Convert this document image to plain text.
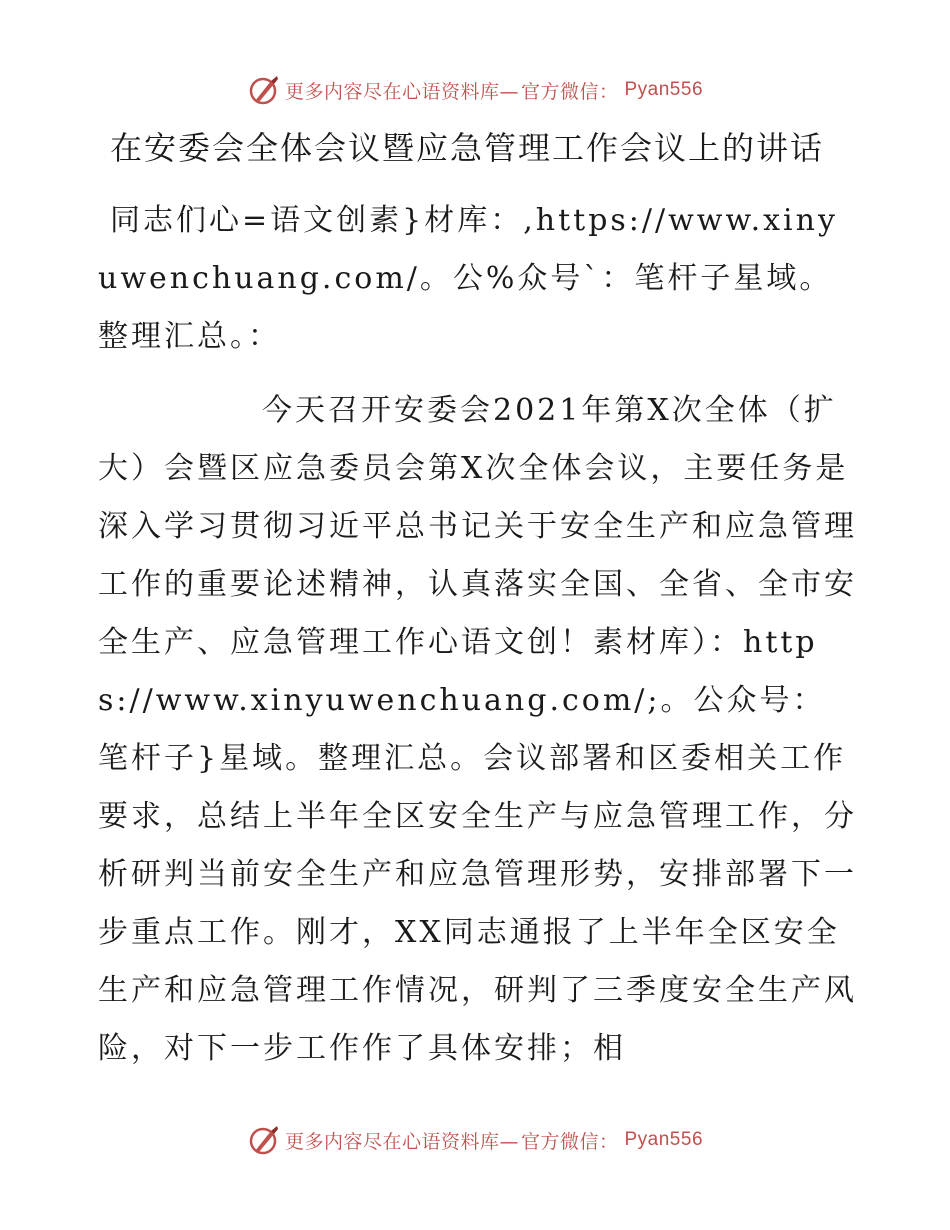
更多内容尽在心语资料库— 官方微信： Pyan556
在安委会全体会议暨应急管理工作会议上的讲话

同志们心=语文创素}材库：,https://www.xinyuwenchuang.com/。公%众号`：笔杆子星域。整理汇总。：

今天召开安委会2021年第X次全体（扩大）会暨区应急委员会第X次全体会议，主要任务是深入学习贯彻习近平总书记关于安全生产和应急管理工作的重要论述精神，认真落实全国、全省、全市安全生产、应急管理工作心语文创！素材库）：https://www.xinyuwenchuang.com/;。公众号：笔杆子}星域。整理汇总。会议部署和区委相关工作要求，总结上半年全区安全生产与应急管理工作，分析研判当前安全生产和应急管理形势，安排部署下一步重点工作。刚才，XX同志通报了上半年全区安全生产和应急管理工作情况，研判了三季度安全生产风险，对下一步工作作了具体安排；相

更多内容尽在心语资料库— 官方微信： Pyan556
